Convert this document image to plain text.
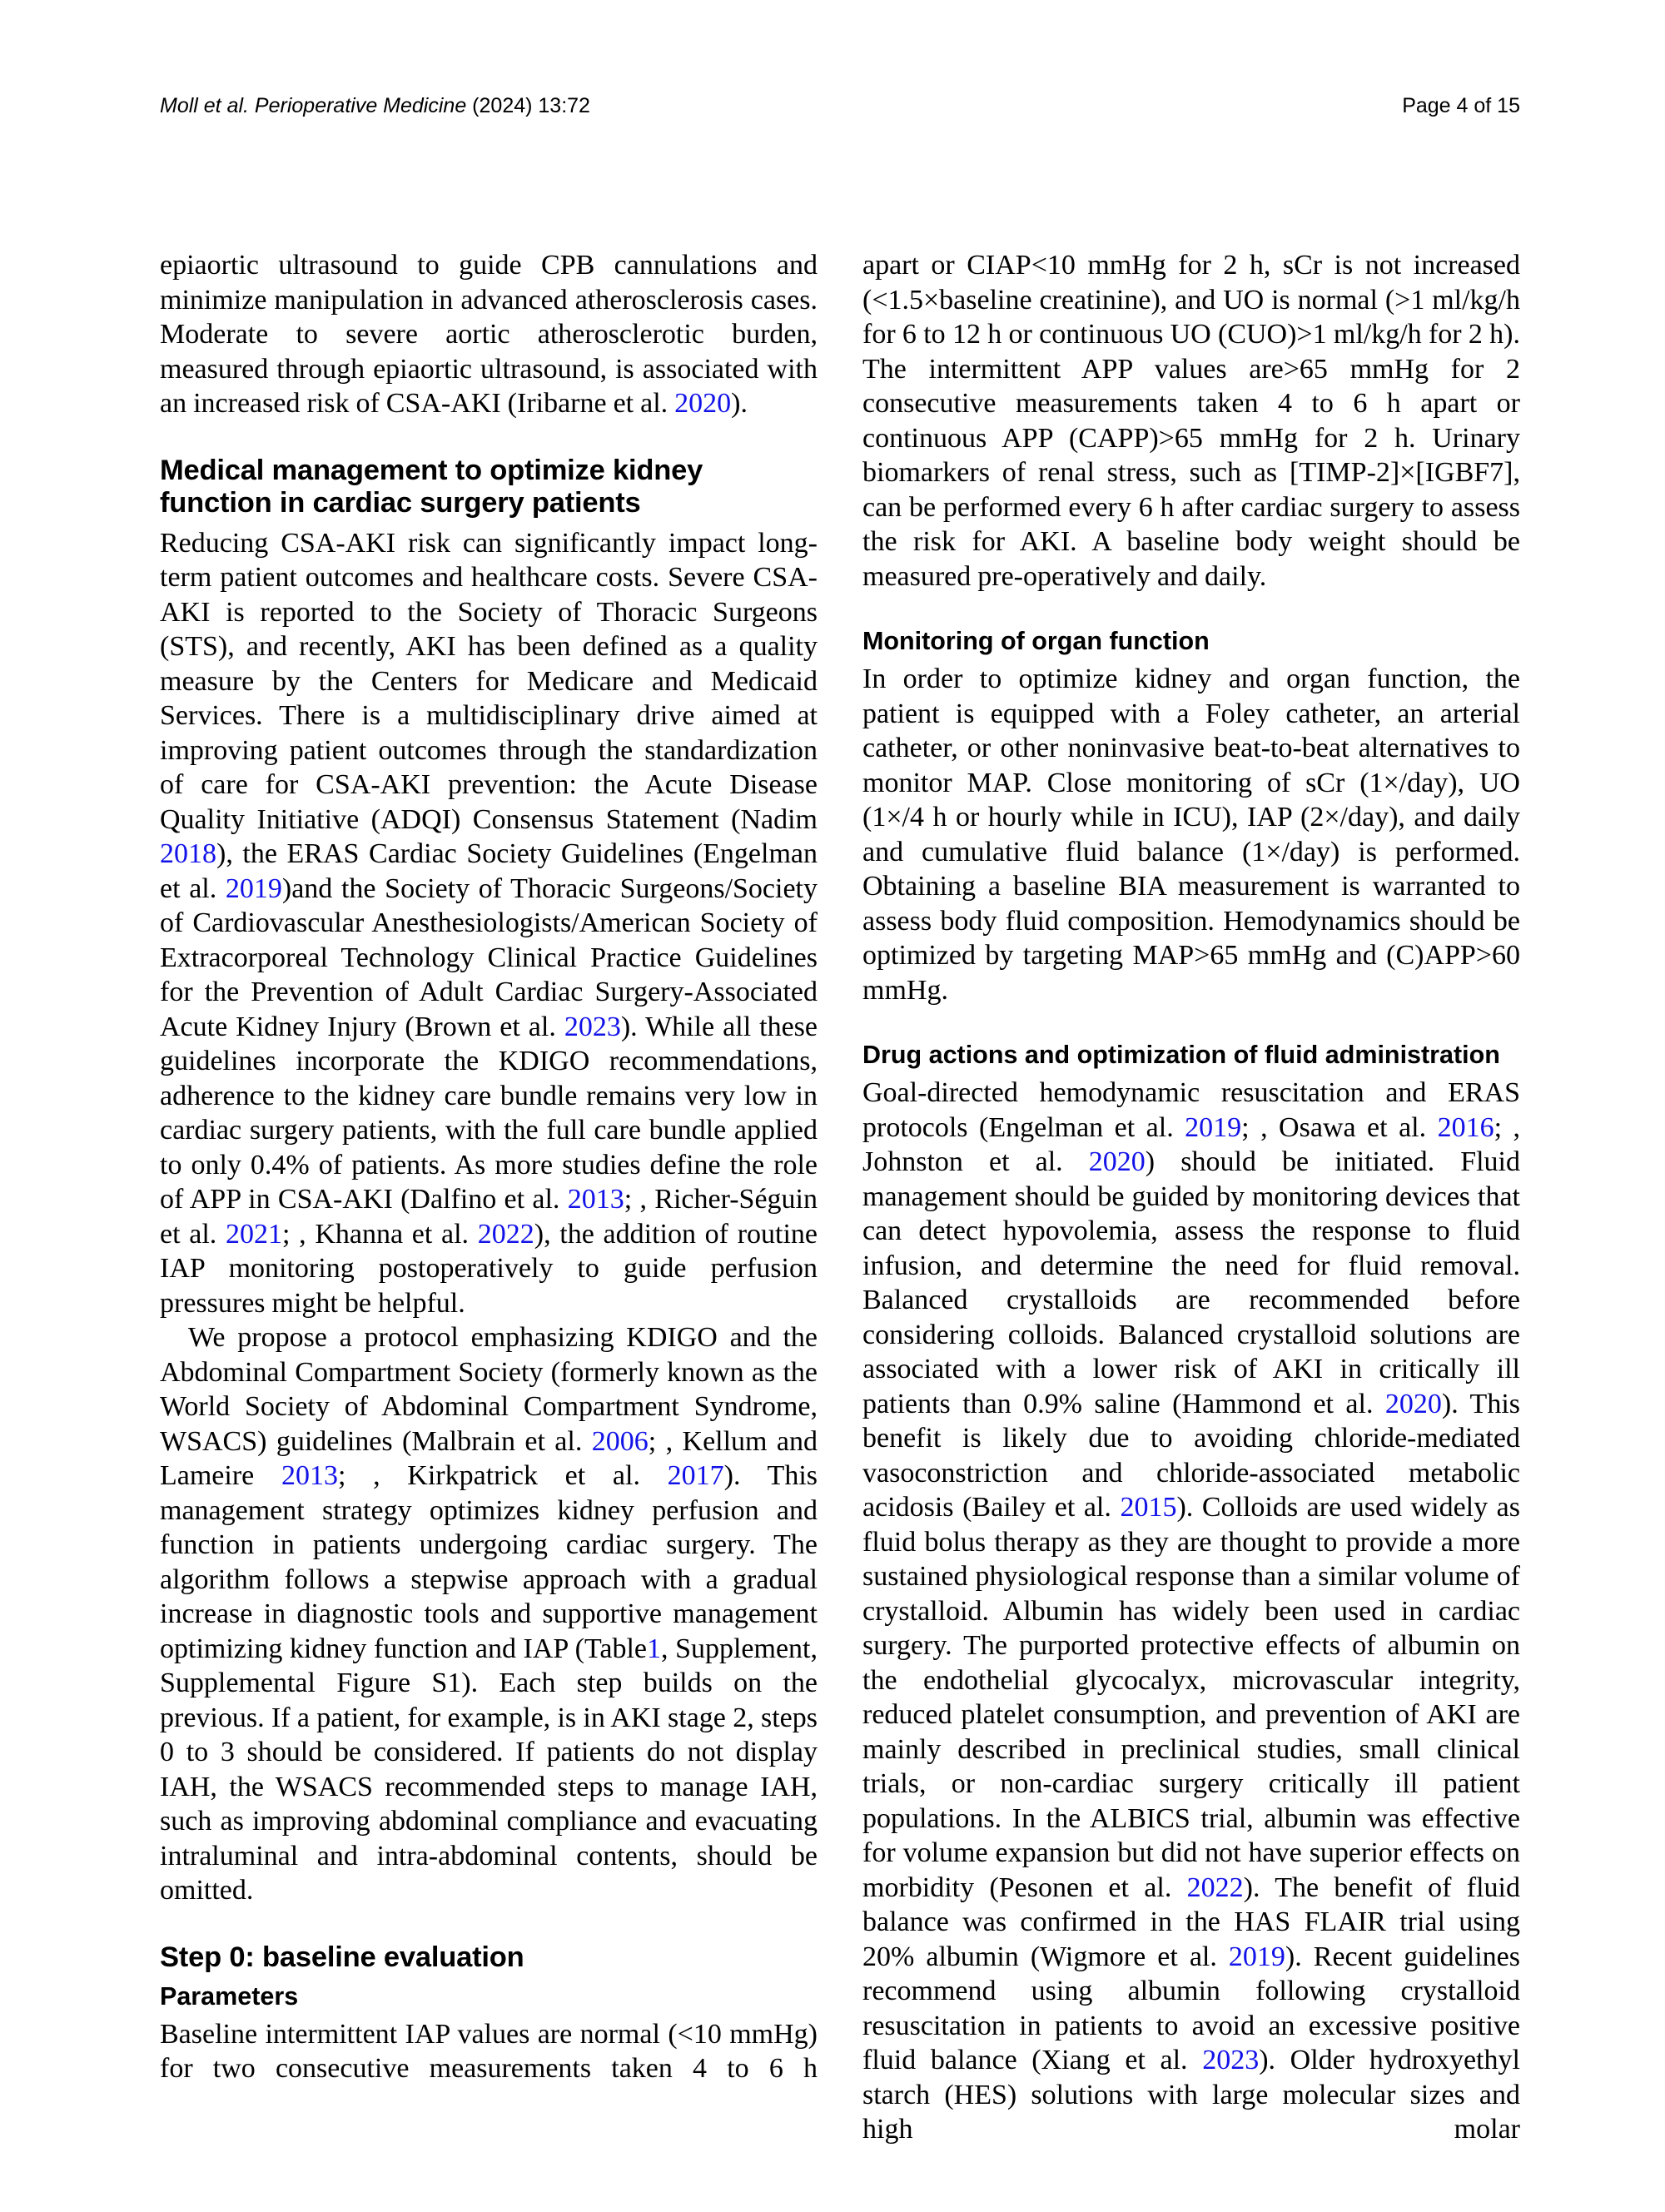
Moll et al. Perioperative Medicine (2024) 13:72	Page 4 of 15

epiaortic ultrasound to guide CPB cannulations and minimize manipulation in advanced atherosclerosis cases. Moderate to severe aortic atherosclerotic burden, measured through epiaortic ultrasound, is associated with an increased risk of CSA-AKI (Iribarne et al. 2020).

Medical management to optimize kidney function in cardiac surgery patients

Reducing CSA-AKI risk can significantly impact long-term patient outcomes and healthcare costs. Severe CSA-AKI is reported to the Society of Thoracic Surgeons (STS), and recently, AKI has been defined as a quality measure by the Centers for Medicare and Medicaid Services. There is a multidisciplinary drive aimed at improving patient outcomes through the standardization of care for CSA-AKI prevention: the Acute Disease Quality Initiative (ADQI) Consensus Statement (Nadim 2018), the ERAS Cardiac Society Guidelines (Engelman et al. 2019)and the Society of Thoracic Surgeons/Society of Cardiovascular Anesthesiologists/American Society of Extracorporeal Technology Clinical Practice Guidelines for the Prevention of Adult Cardiac Surgery-Associated Acute Kidney Injury (Brown et al. 2023). While all these guidelines incorporate the KDIGO recommendations, adherence to the kidney care bundle remains very low in cardiac surgery patients, with the full care bundle applied to only 0.4% of patients. As more studies define the role of APP in CSA-AKI (Dalfino et al. 2013; , Richer-Séguin et al. 2021; , Khanna et al. 2022), the addition of routine IAP monitoring postoperatively to guide perfusion pressures might be helpful.

We propose a protocol emphasizing KDIGO and the Abdominal Compartment Society (formerly known as the World Society of Abdominal Compartment Syndrome, WSACS) guidelines (Malbrain et al. 2006; , Kellum and Lameire 2013; , Kirkpatrick et al. 2017). This management strategy optimizes kidney perfusion and function in patients undergoing cardiac surgery. The algorithm follows a stepwise approach with a gradual increase in diagnostic tools and supportive management optimizing kidney function and IAP (Table1, Supplement, Supplemental Figure S1). Each step builds on the previous. If a patient, for example, is in AKI stage 2, steps 0 to 3 should be considered. If patients do not display IAH, the WSACS recommended steps to manage IAH, such as improving abdominal compliance and evacuating intraluminal and intra-abdominal contents, should be omitted.

Step 0: baseline evaluation
Parameters

Baseline intermittent IAP values are normal (<10 mmHg) for two consecutive measurements taken 4 to 6 h

apart or CIAP<10 mmHg for 2 h, sCr is not increased (<1.5×baseline creatinine), and UO is normal (>1 ml/kg/h for 6 to 12 h or continuous UO (CUO)>1 ml/kg/h for 2 h). The intermittent APP values are>65 mmHg for 2 consecutive measurements taken 4 to 6 h apart or continuous APP (CAPP)>65 mmHg for 2 h. Urinary biomarkers of renal stress, such as [TIMP-2]×[IGBF7], can be performed every 6 h after cardiac surgery to assess the risk for AKI. A baseline body weight should be measured pre-operatively and daily.

Monitoring of organ function

In order to optimize kidney and organ function, the patient is equipped with a Foley catheter, an arterial catheter, or other noninvasive beat-to-beat alternatives to monitor MAP. Close monitoring of sCr (1×/day), UO (1×/4 h or hourly while in ICU), IAP (2×/day), and daily and cumulative fluid balance (1×/day) is performed. Obtaining a baseline BIA measurement is warranted to assess body fluid composition. Hemodynamics should be optimized by targeting MAP>65 mmHg and (C)APP>60 mmHg.

Drug actions and optimization of fluid administration

Goal-directed hemodynamic resuscitation and ERAS protocols (Engelman et al. 2019; , Osawa et al. 2016; , Johnston et al. 2020) should be initiated. Fluid management should be guided by monitoring devices that can detect hypovolemia, assess the response to fluid infusion, and determine the need for fluid removal. Balanced crystalloids are recommended before considering colloids. Balanced crystalloid solutions are associated with a lower risk of AKI in critically ill patients than 0.9% saline (Hammond et al. 2020). This benefit is likely due to avoiding chloride-mediated vasoconstriction and chloride-associated metabolic acidosis (Bailey et al. 2015). Colloids are used widely as fluid bolus therapy as they are thought to provide a more sustained physiological response than a similar volume of crystalloid. Albumin has widely been used in cardiac surgery. The purported protective effects of albumin on the endothelial glycocalyx, microvascular integrity, reduced platelet consumption, and prevention of AKI are mainly described in preclinical studies, small clinical trials, or non-cardiac surgery critically ill patient populations. In the ALBICS trial, albumin was effective for volume expansion but did not have superior effects on morbidity (Pesonen et al. 2022). The benefit of fluid balance was confirmed in the HAS FLAIR trial using 20% albumin (Wigmore et al. 2019). Recent guidelines recommend using albumin following crystalloid resuscitation in patients to avoid an excessive positive fluid balance (Xiang et al. 2023). Older hydroxyethyl starch (HES) solutions with large molecular sizes and high molar
